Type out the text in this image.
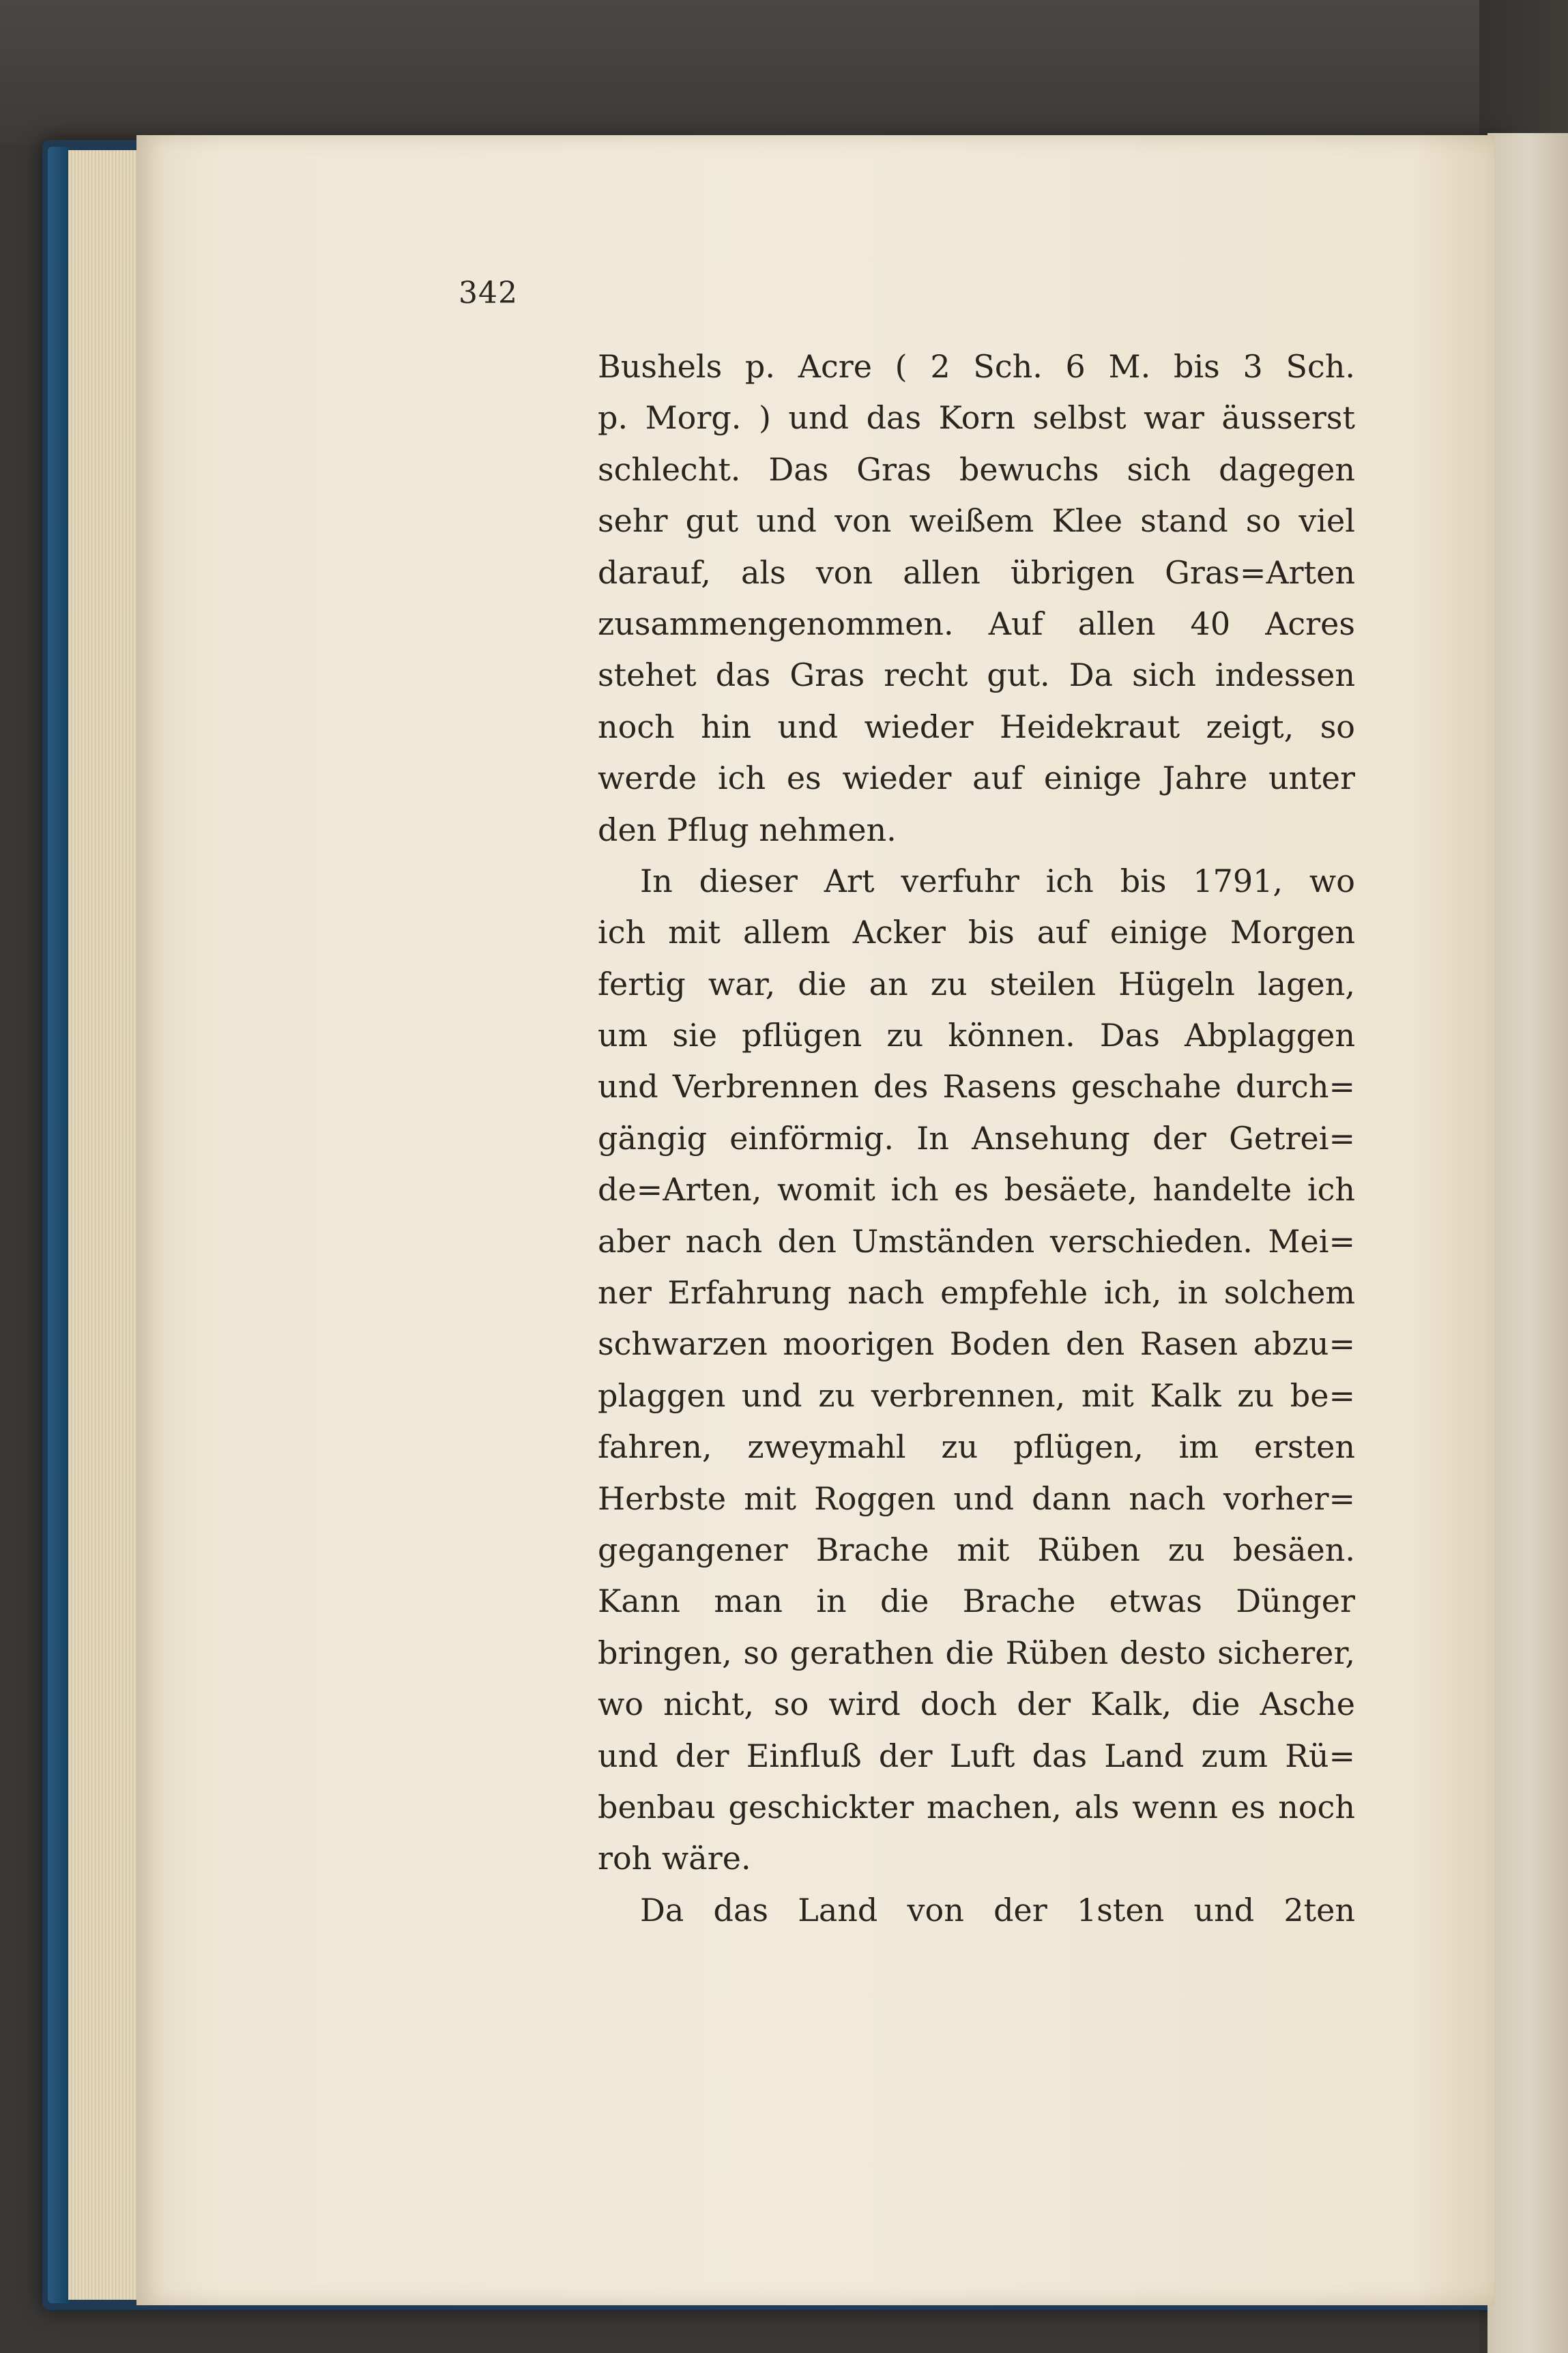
342
Bushels p. Acre ( 2 Sch. 6 M. bis 3 Sch.
p. Morg. ) und das Korn selbst war äusserst
schlecht. Das Gras bewuchs sich dagegen
sehr gut und von weißem Klee stand so viel
darauf, als von allen übrigen Gras=Arten
zusammengenommen. Auf allen 40 Acres
stehet das Gras recht gut. Da sich indessen
noch hin und wieder Heidekraut zeigt, so
werde ich es wieder auf einige Jahre unter
den Pflug nehmen.
In dieser Art verfuhr ich bis 1791, wo
ich mit allem Acker bis auf einige Morgen
fertig war, die an zu steilen Hügeln lagen,
um sie pflügen zu können. Das Abplaggen
und Verbrennen des Rasens geschahe durch=
gängig einförmig. In Ansehung der Getrei=
de=Arten, womit ich es besäete, handelte ich
aber nach den Umständen verschieden. Mei=
ner Erfahrung nach empfehle ich, in solchem
schwarzen moorigen Boden den Rasen abzu=
plaggen und zu verbrennen, mit Kalk zu be=
fahren, zweymahl zu pflügen, im ersten
Herbste mit Roggen und dann nach vorher=
gegangener Brache mit Rüben zu besäen.
Kann man in die Brache etwas Dünger
bringen, so gerathen die Rüben desto sicherer,
wo nicht, so wird doch der Kalk, die Asche
und der Einfluß der Luft das Land zum Rü=
benbau geschickter machen, als wenn es noch
roh wäre.
Da das Land von der 1sten und 2ten
